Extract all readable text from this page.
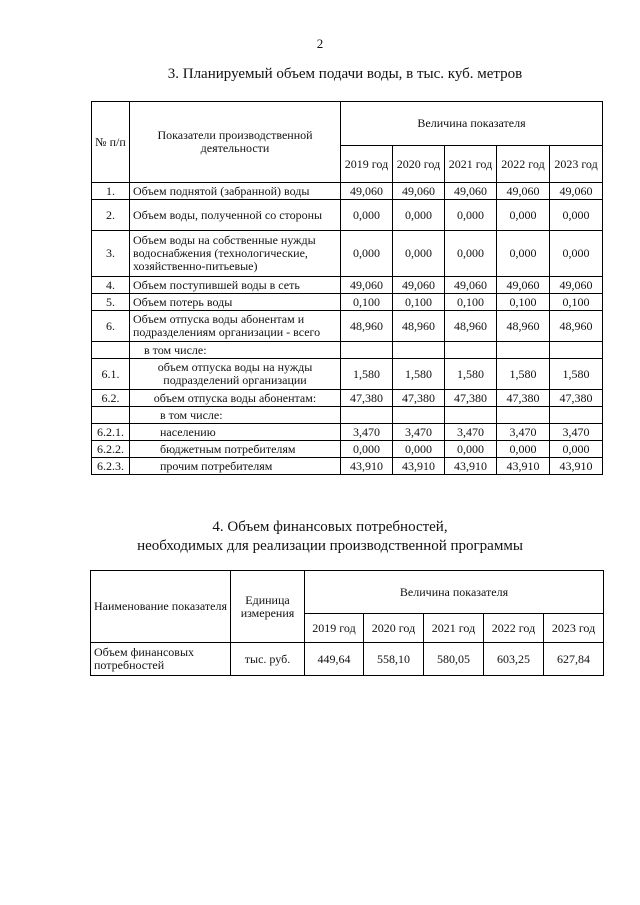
2
3. Планируемый объем подачи воды, в тыс. куб. метров
№ п/п	Показатели производственной деятельности	Величина показателя				
		2019 год	2020 год	2021 год	2022 год	2023 год
1.	Объем поднятой (забранной) воды	49,060	49,060	49,060	49,060	49,060
2.	Объем воды, полученной со стороны	0,000	0,000	0,000	0,000	0,000
3.	Объем воды на собственные нужды водоснабжения (технологические, хозяйственно-питьевые)	0,000	0,000	0,000	0,000	0,000
4.	Объем поступившей воды в сеть	49,060	49,060	49,060	49,060	49,060
5.	Объем потерь воды	0,100	0,100	0,100	0,100	0,100
6.	Объем отпуска воды абонентам и подразделениям организации - всего	48,960	48,960	48,960	48,960	48,960
	в том числе:					
6.1.	объем отпуска воды на нужды подразделений организации	1,580	1,580	1,580	1,580	1,580
6.2.	объем отпуска воды абонентам:	47,380	47,380	47,380	47,380	47,380
	в том числе:					
6.2.1.	населению	3,470	3,470	3,470	3,470	3,470
6.2.2.	бюджетным потребителям	0,000	0,000	0,000	0,000	0,000
6.2.3.	прочим потребителям	43,910	43,910	43,910	43,910	43,910
4. Объем финансовых потребностей,
необходимых для реализации производственной программы
Наименование показателя	Единица измерения	Величина показателя				
		2019 год	2020 год	2021 год	2022 год	2023 год
Объем финансовых потребностей	тыс. руб.	449,64	558,10	580,05	603,25	627,84
